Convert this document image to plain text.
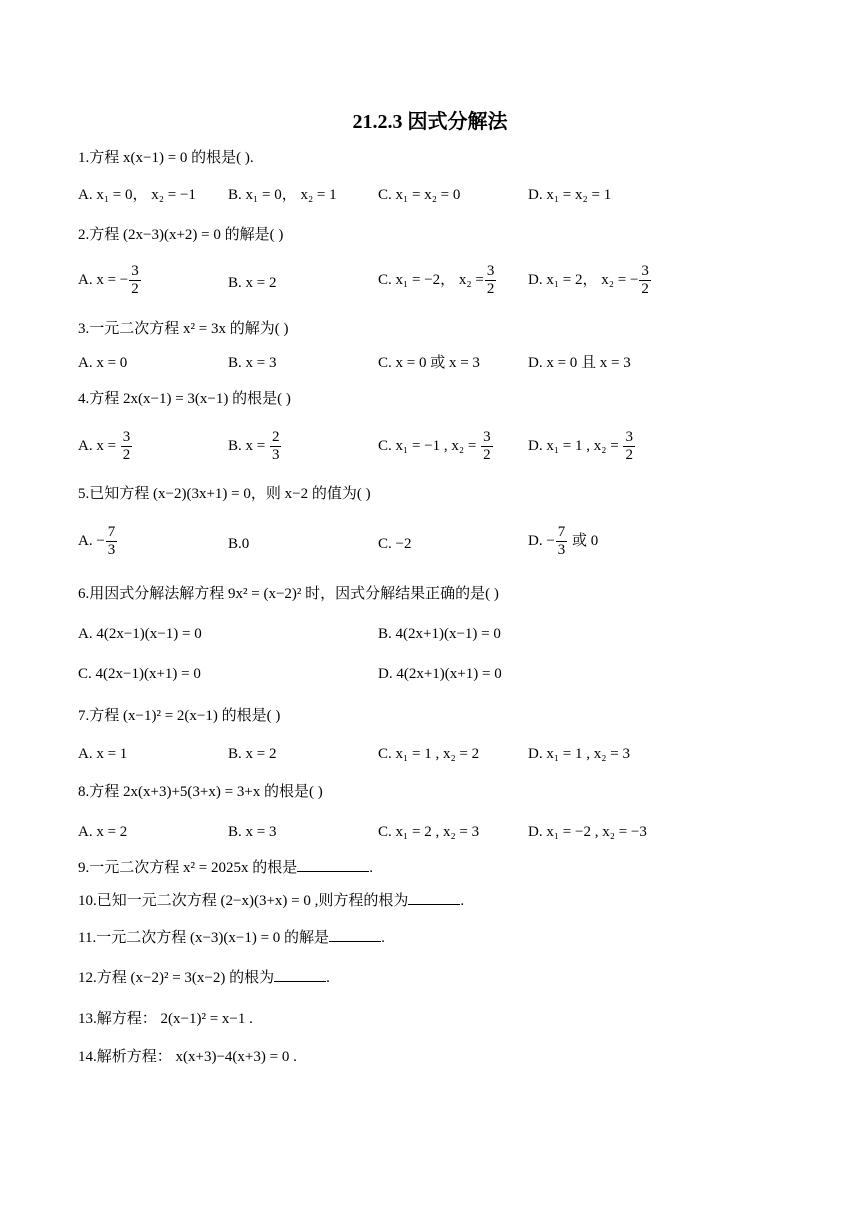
21.2.3 因式分解法
1.方程 x(x−1) = 0 的根是( ).
A. x₁ = 0， x₂ = −1 B. x₁ = 0， x₂ = 1	C. x₁ = x₂ = 0	D. x₁ = x₂ = 1
2.方程 (2x−3)(x+2) = 0 的解是( )
A. x = − $\frac{3}{2}$	B. x = 2	C. x₁ = −2， $x_2 = \frac{3}{2} D$. x₁ = 2， x₂ = − $\frac{3}{2}$
3.一元二次方程 x² = 3x 的解为( )
A. x = 0	B. x = 3	C. x = 0 或 x = 3	D. x = 0 且 x = 3
4.方程 2x(x−1) = 3(x−1) 的根是( )
A. $x = \frac{3}{2}$	B. $x = \frac{2}{3}$	C. x₁ = −1 , $x_2 = \frac{3}{2} D$. x₁ = 1 , $x_2 = \frac{3}{2}$
5.已知方程 (x−2)(3x+1) = 0，则 x−2 的值为( )
A. − $\frac{7}{3}$	B.0	C. −2	D. − $\frac{7}{3}$ 或 0
6.用因式分解法解方程 9x² = (x−2)² 时，因式分解结果正确的是( )
A. 4(2x−1)(x−1) = 0	B. 4(2x+1)(x−1) = 0
C. 4(2x−1)(x+1) = 0	D. 4(2x+1)(x+1) = 0
7.方程 (x−1)² = 2(x−1) 的根是( )
A. x = 1	B. x = 2	C. x₁ = 1 , x₂ = 2	D. x₁ = 1 , x₂ = 3
8.方程 2x(x+3)+5(3+x) = 3+x 的根是( )
A. x = 2	B. x = 3	C. x₁ = 2 , x₂ = 3	D. x₁ = −2 , x₂ = −3
9.一元二次方程 x² = 2025x 的根是	.
10.已知一元二次方程 (2−x)(3+x) = 0 ,则方程的根为	.
11.一元二次方程 (x−3)(x−1) = 0 的解是	.
12.方程 (x−2)² = 3(x−2) 的根为	.
13.解方程： 2(x−1)² = x−1 .
14.解析方程： x(x+3)−4(x+3) = 0 .
